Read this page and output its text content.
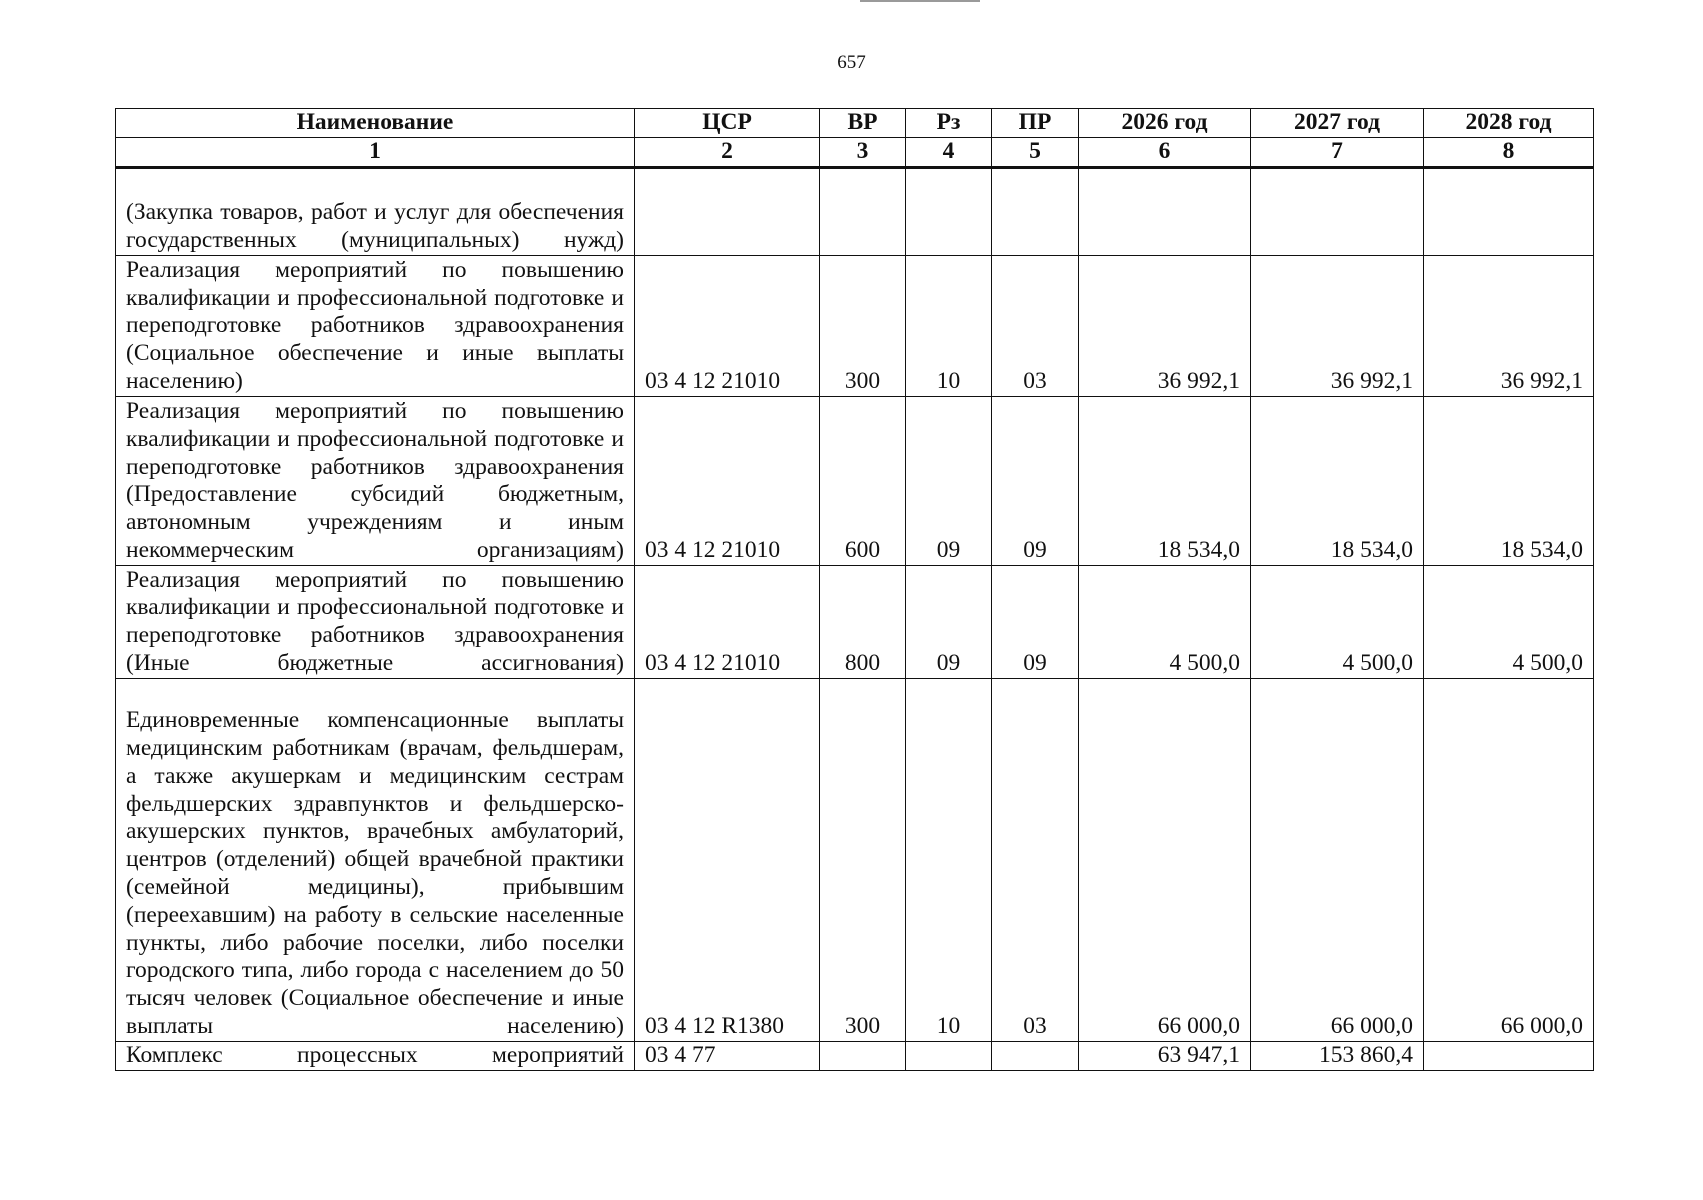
657
Наименование	ЦСР	ВР	Рз	ПР	2026 год	2027 год	2028 год
1	2	3	4	5	6	7	8
(Закупка товаров, работ и услуг для обеспечения государственных (муниципальных) нужд)							
Реализация мероприятий по повышению квалификации и профессиональной подготовке и переподготовке работников здравоохранения (Социальное обеспечение и иные выплаты населению)	03 4 12 21010	300	10	03	36 992,1	36 992,1	36 992,1
Реализация мероприятий по повышению квалификации и профессиональной подготовке и переподготовке работников здравоохранения (Предоставление субсидий бюджетным, автономным учреждениям и иным некоммерческим организациям)	03 4 12 21010	600	09	09	18 534,0	18 534,0	18 534,0
Реализация мероприятий по повышению квалификации и профессиональной подготовке и переподготовке работников здравоохранения (Иные бюджетные ассигнования)	03 4 12 21010	800	09	09	4 500,0	4 500,0	4 500,0
Единовременные компенсационные выплаты медицинским работникам (врачам, фельдшерам, а также акушеркам и медицинским сестрам фельдшерских здравпунктов и фельдшерско-акушерских пунктов, врачебных амбулаторий, центров (отделений) общей врачебной практики (семейной медицины), прибывшим (переехавшим) на работу в сельские населенные пункты, либо рабочие поселки, либо поселки городского типа, либо города с населением до 50 тысяч человек (Социальное обеспечение и иные выплаты населению)	03 4 12 R1380	300	10	03	66 000,0	66 000,0	66 000,0
Комплекс процессных мероприятий	03 4 77				63 947,1	153 860,4	
